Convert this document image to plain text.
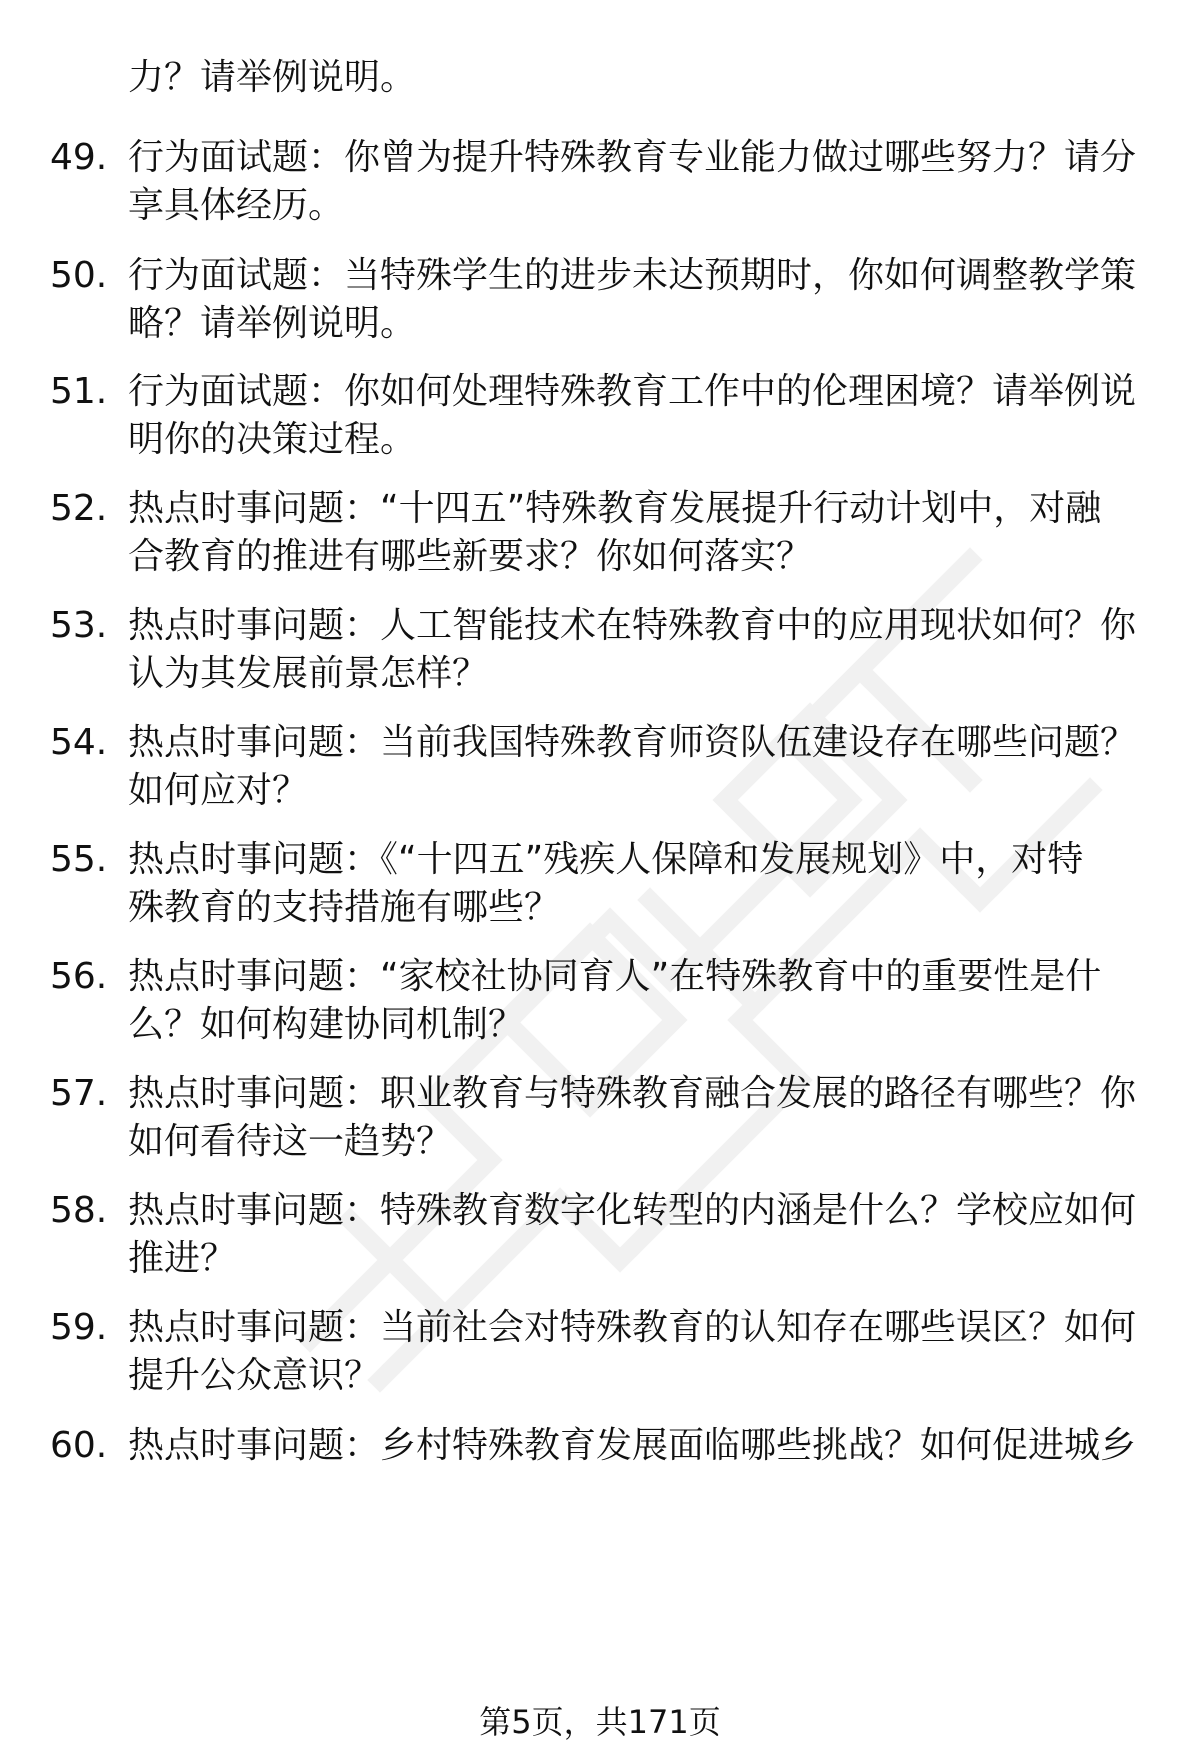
力？请举例说明。
49. 行为面试题：你曾为提升特殊教育专业能力做过哪些努力？请分
享具体经历。
50. 行为面试题：当特殊学生的进步未达预期时，你如何调整教学策
略？请举例说明。
51. 行为面试题：你如何处理特殊教育工作中的伦理困境？请举例说
明你的决策过程。
52. 热点时事问题：“十四五”特殊教育发展提升行动计划中，对融
合教育的推进有哪些新要求？你如何落实？
53. 热点时事问题：人工智能技术在特殊教育中的应用现状如何？你
认为其发展前景怎样？
54. 热点时事问题：当前我国特殊教育师资队伍建设存在哪些问题？
如何应对？
55. 热点时事问题：《“十四五”残疾人保障和发展规划》中，对特
殊教育的支持措施有哪些？
56. 热点时事问题：“家校社协同育人”在特殊教育中的重要性是什
么？如何构建协同机制？
57. 热点时事问题：职业教育与特殊教育融合发展的路径有哪些？你
如何看待这一趋势？
58. 热点时事问题：特殊教育数字化转型的内涵是什么？学校应如何
推进？
59. 热点时事问题：当前社会对特殊教育的认知存在哪些误区？如何
提升公众意识？
60. 热点时事问题：乡村特殊教育发展面临哪些挑战？如何促进城乡
第5页，共171页
